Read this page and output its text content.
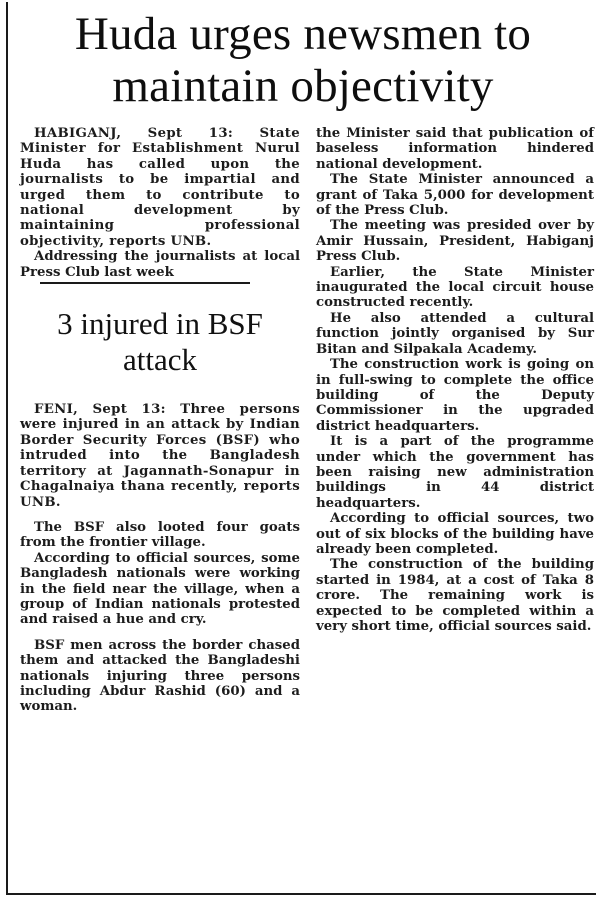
Huda urges newsmen to maintain objectivity

HABIGANJ, Sept 13: State Minister for Establishment Nurul Huda has called upon the journalists to be impartial and urged them to contribute to national development by maintaining professional objectivity, reports UNB.

Addressing the journalists at local Press Club last week

3 injured in BSF attack

FENI, Sept 13: Three persons were injured in an attack by Indian Border Security Forces (BSF) who intruded into the Bangladesh territory at Jagannath-Sonapur in Chagalnaiya thana recently, reports UNB.

The BSF also looted four goats from the frontier village.

According to official sources, some Bangladesh nationals were working in the field near the village, when a group of Indian nationals protested and raised a hue and cry.

BSF men across the border chased them and attacked the Bangladeshi nationals injuring three persons including Abdur Rashid (60) and a woman.

the Minister said that publication of baseless information hindered national development.

The State Minister announced a grant of Taka 5,000 for development of the Press Club.

The meeting was presided over by Amir Hussain, President, Habiganj Press Club.

Earlier, the State Minister inaugurated the local circuit house constructed recently.

He also attended a cultural function jointly organised by Sur Bitan and Silpakala Academy.

The construction work is going on in full-swing to complete the office building of the Deputy Commissioner in the upgraded district headquarters.

It is a part of the programme under which the government has been raising new administration buildings in 44 district headquarters.

According to official sources, two out of six blocks of the building have already been completed.

The construction of the building started in 1984, at a cost of Taka 8 crore. The remaining work is expected to be completed within a very short time, official sources said.
